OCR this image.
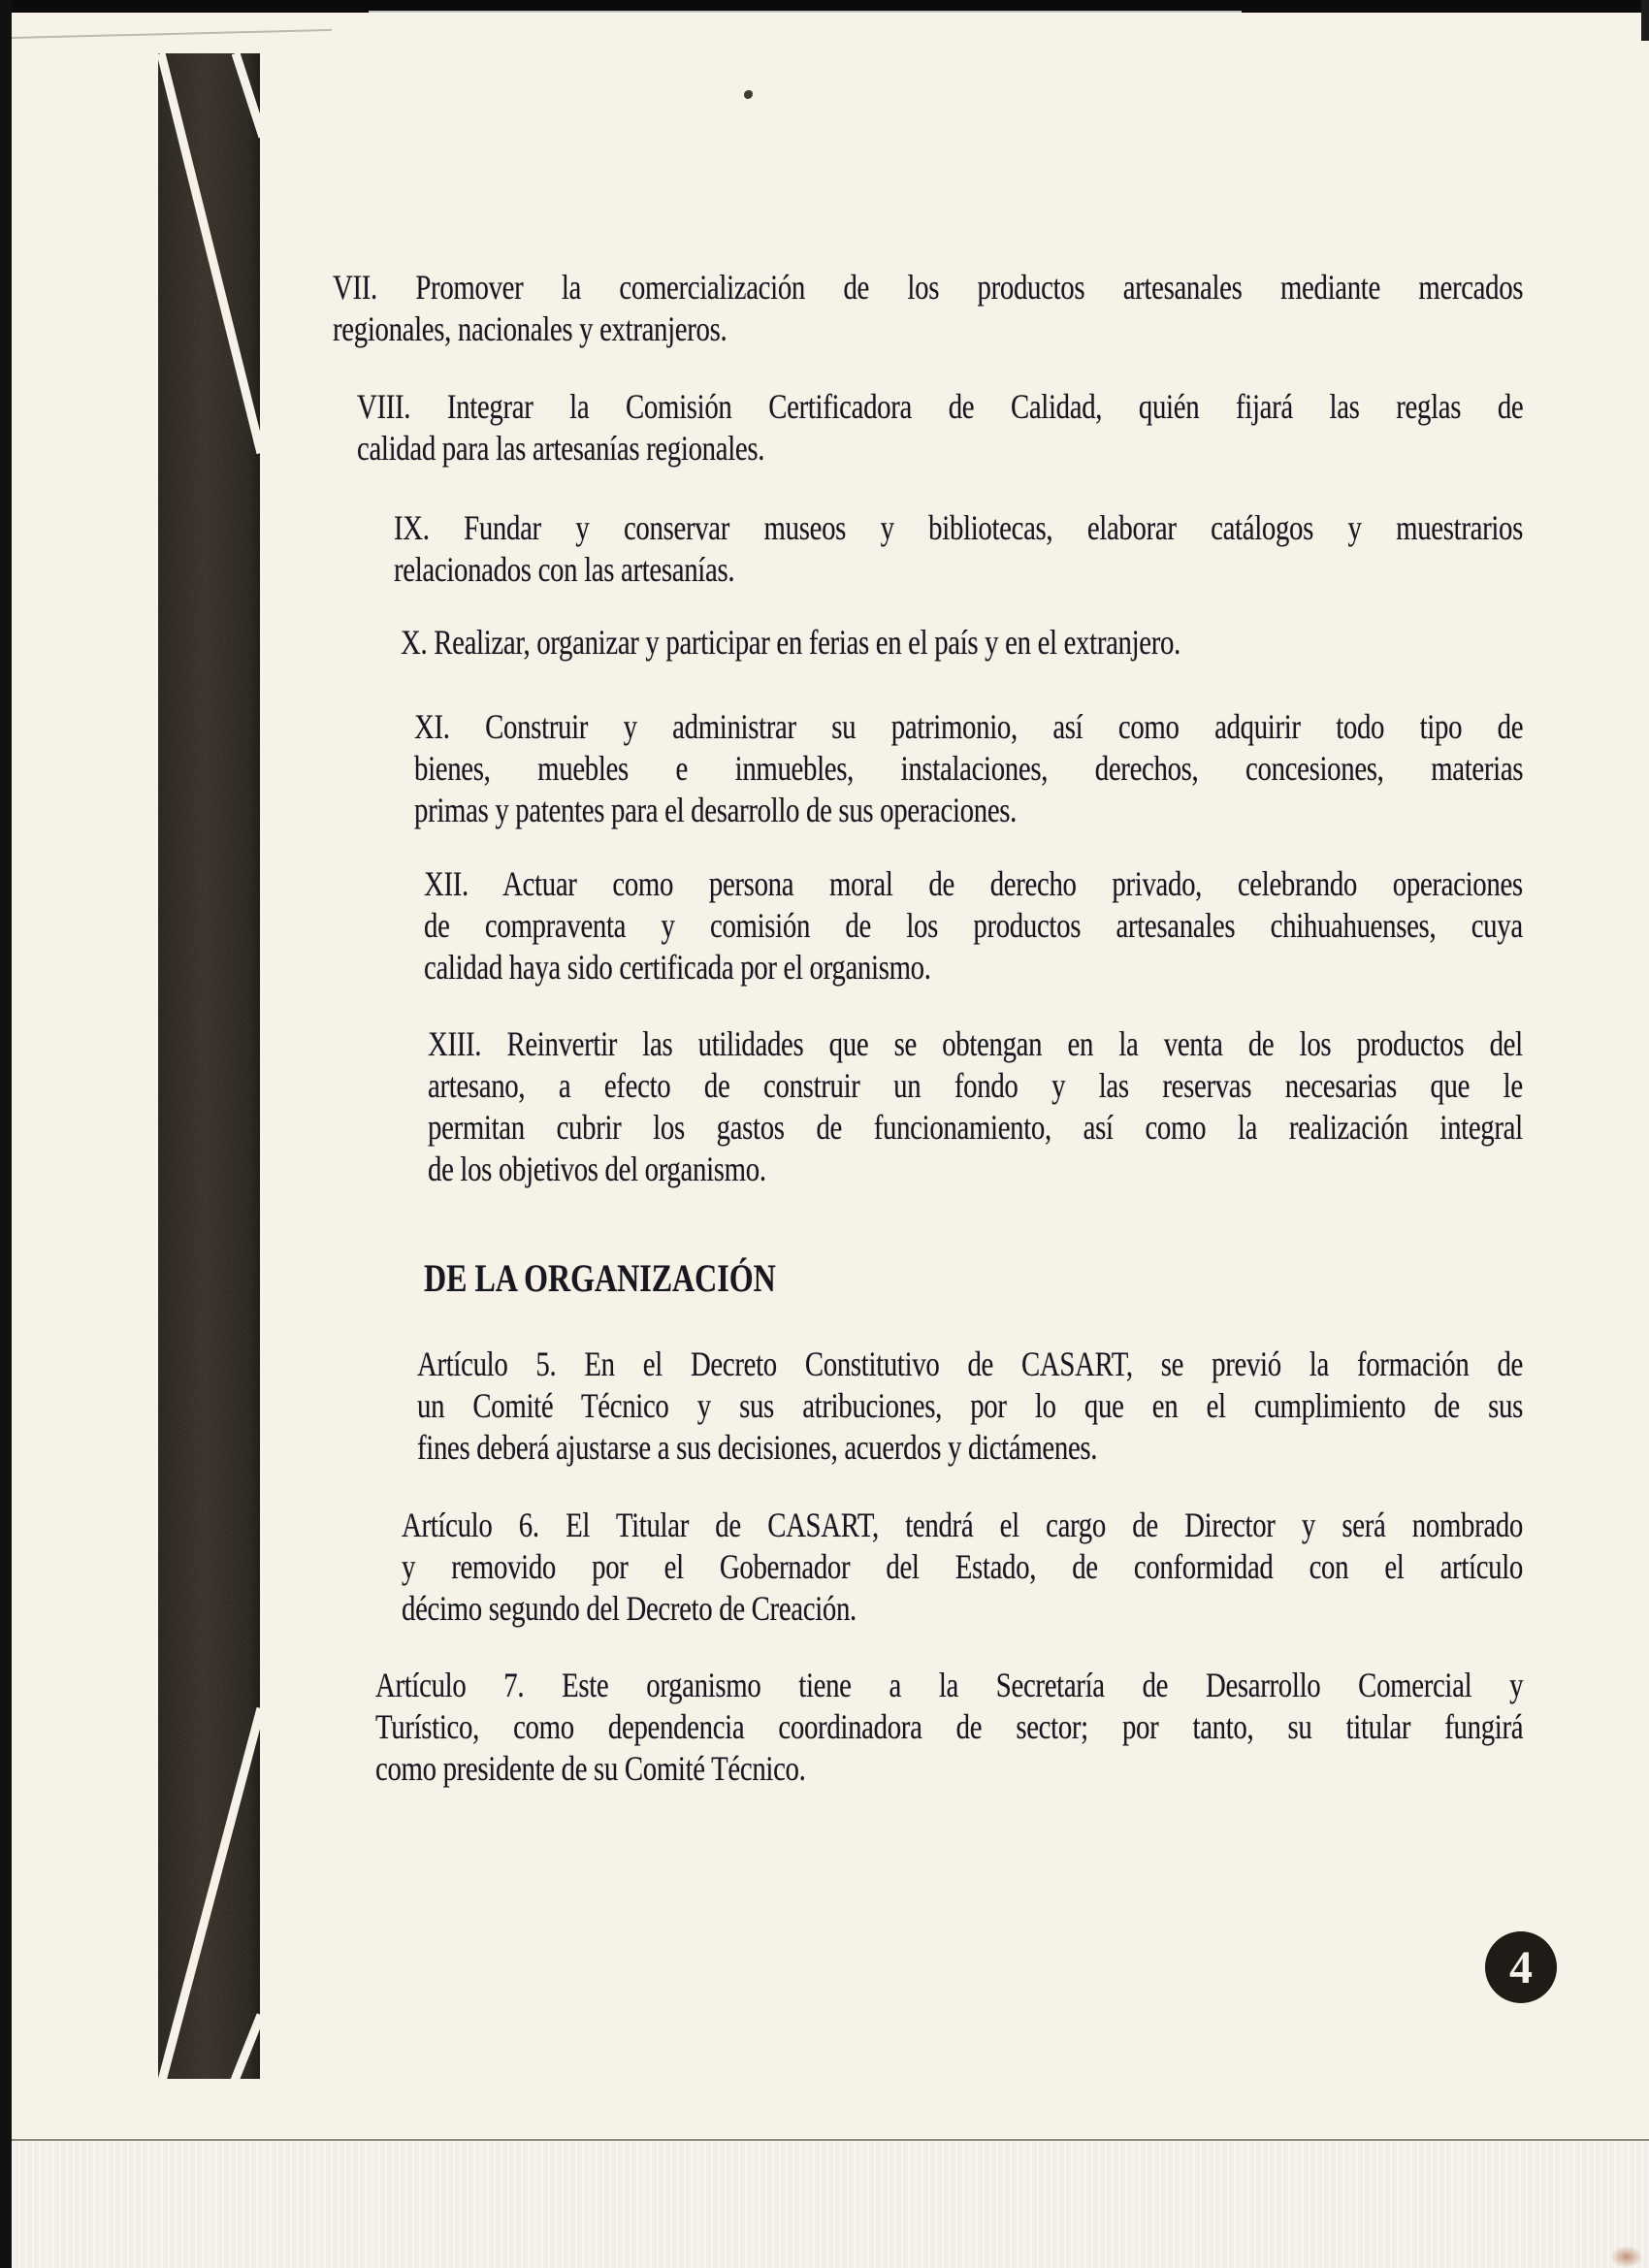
VII. Promover la comercialización de los productos artesanales mediante mercados
regionales, nacionales y extranjeros.
VIII. Integrar la Comisión Certificadora de Calidad, quién fijará las reglas de
calidad para las artesanías regionales.
IX. Fundar y conservar museos y bibliotecas, elaborar catálogos y muestrarios
relacionados con las artesanías.
X. Realizar, organizar y participar en ferias en el país y en el extranjero.
XI. Construir y administrar su patrimonio, así como adquirir todo tipo de
bienes, muebles e inmuebles, instalaciones, derechos, concesiones, materias
primas y patentes para el desarrollo de sus operaciones.
XII. Actuar como persona moral de derecho privado, celebrando operaciones
de compraventa y comisión de los productos artesanales chihuahuenses, cuya
calidad haya sido certificada por el organismo.
XIII. Reinvertir las utilidades que se obtengan en la venta de los productos del
artesano, a efecto de construir un fondo y las reservas necesarias que le
permitan cubrir los gastos de funcionamiento, así como la realización integral
de los objetivos del organismo.
DE LA ORGANIZACIÓN
Artículo 5. En el Decreto Constitutivo de CASART, se previó la formación de
un Comité Técnico y sus atribuciones, por lo que en el cumplimiento de sus
fines deberá ajustarse a sus decisiones, acuerdos y dictámenes.
Artículo 6. El Titular de CASART, tendrá el cargo de Director y será nombrado
y removido por el Gobernador del Estado, de conformidad con el artículo
décimo segundo del Decreto de Creación.
Artículo 7. Este organismo tiene a la Secretaría de Desarrollo Comercial y
Turístico, como dependencia coordinadora de sector; por tanto, su titular fungirá
como presidente de su Comité Técnico.
4
